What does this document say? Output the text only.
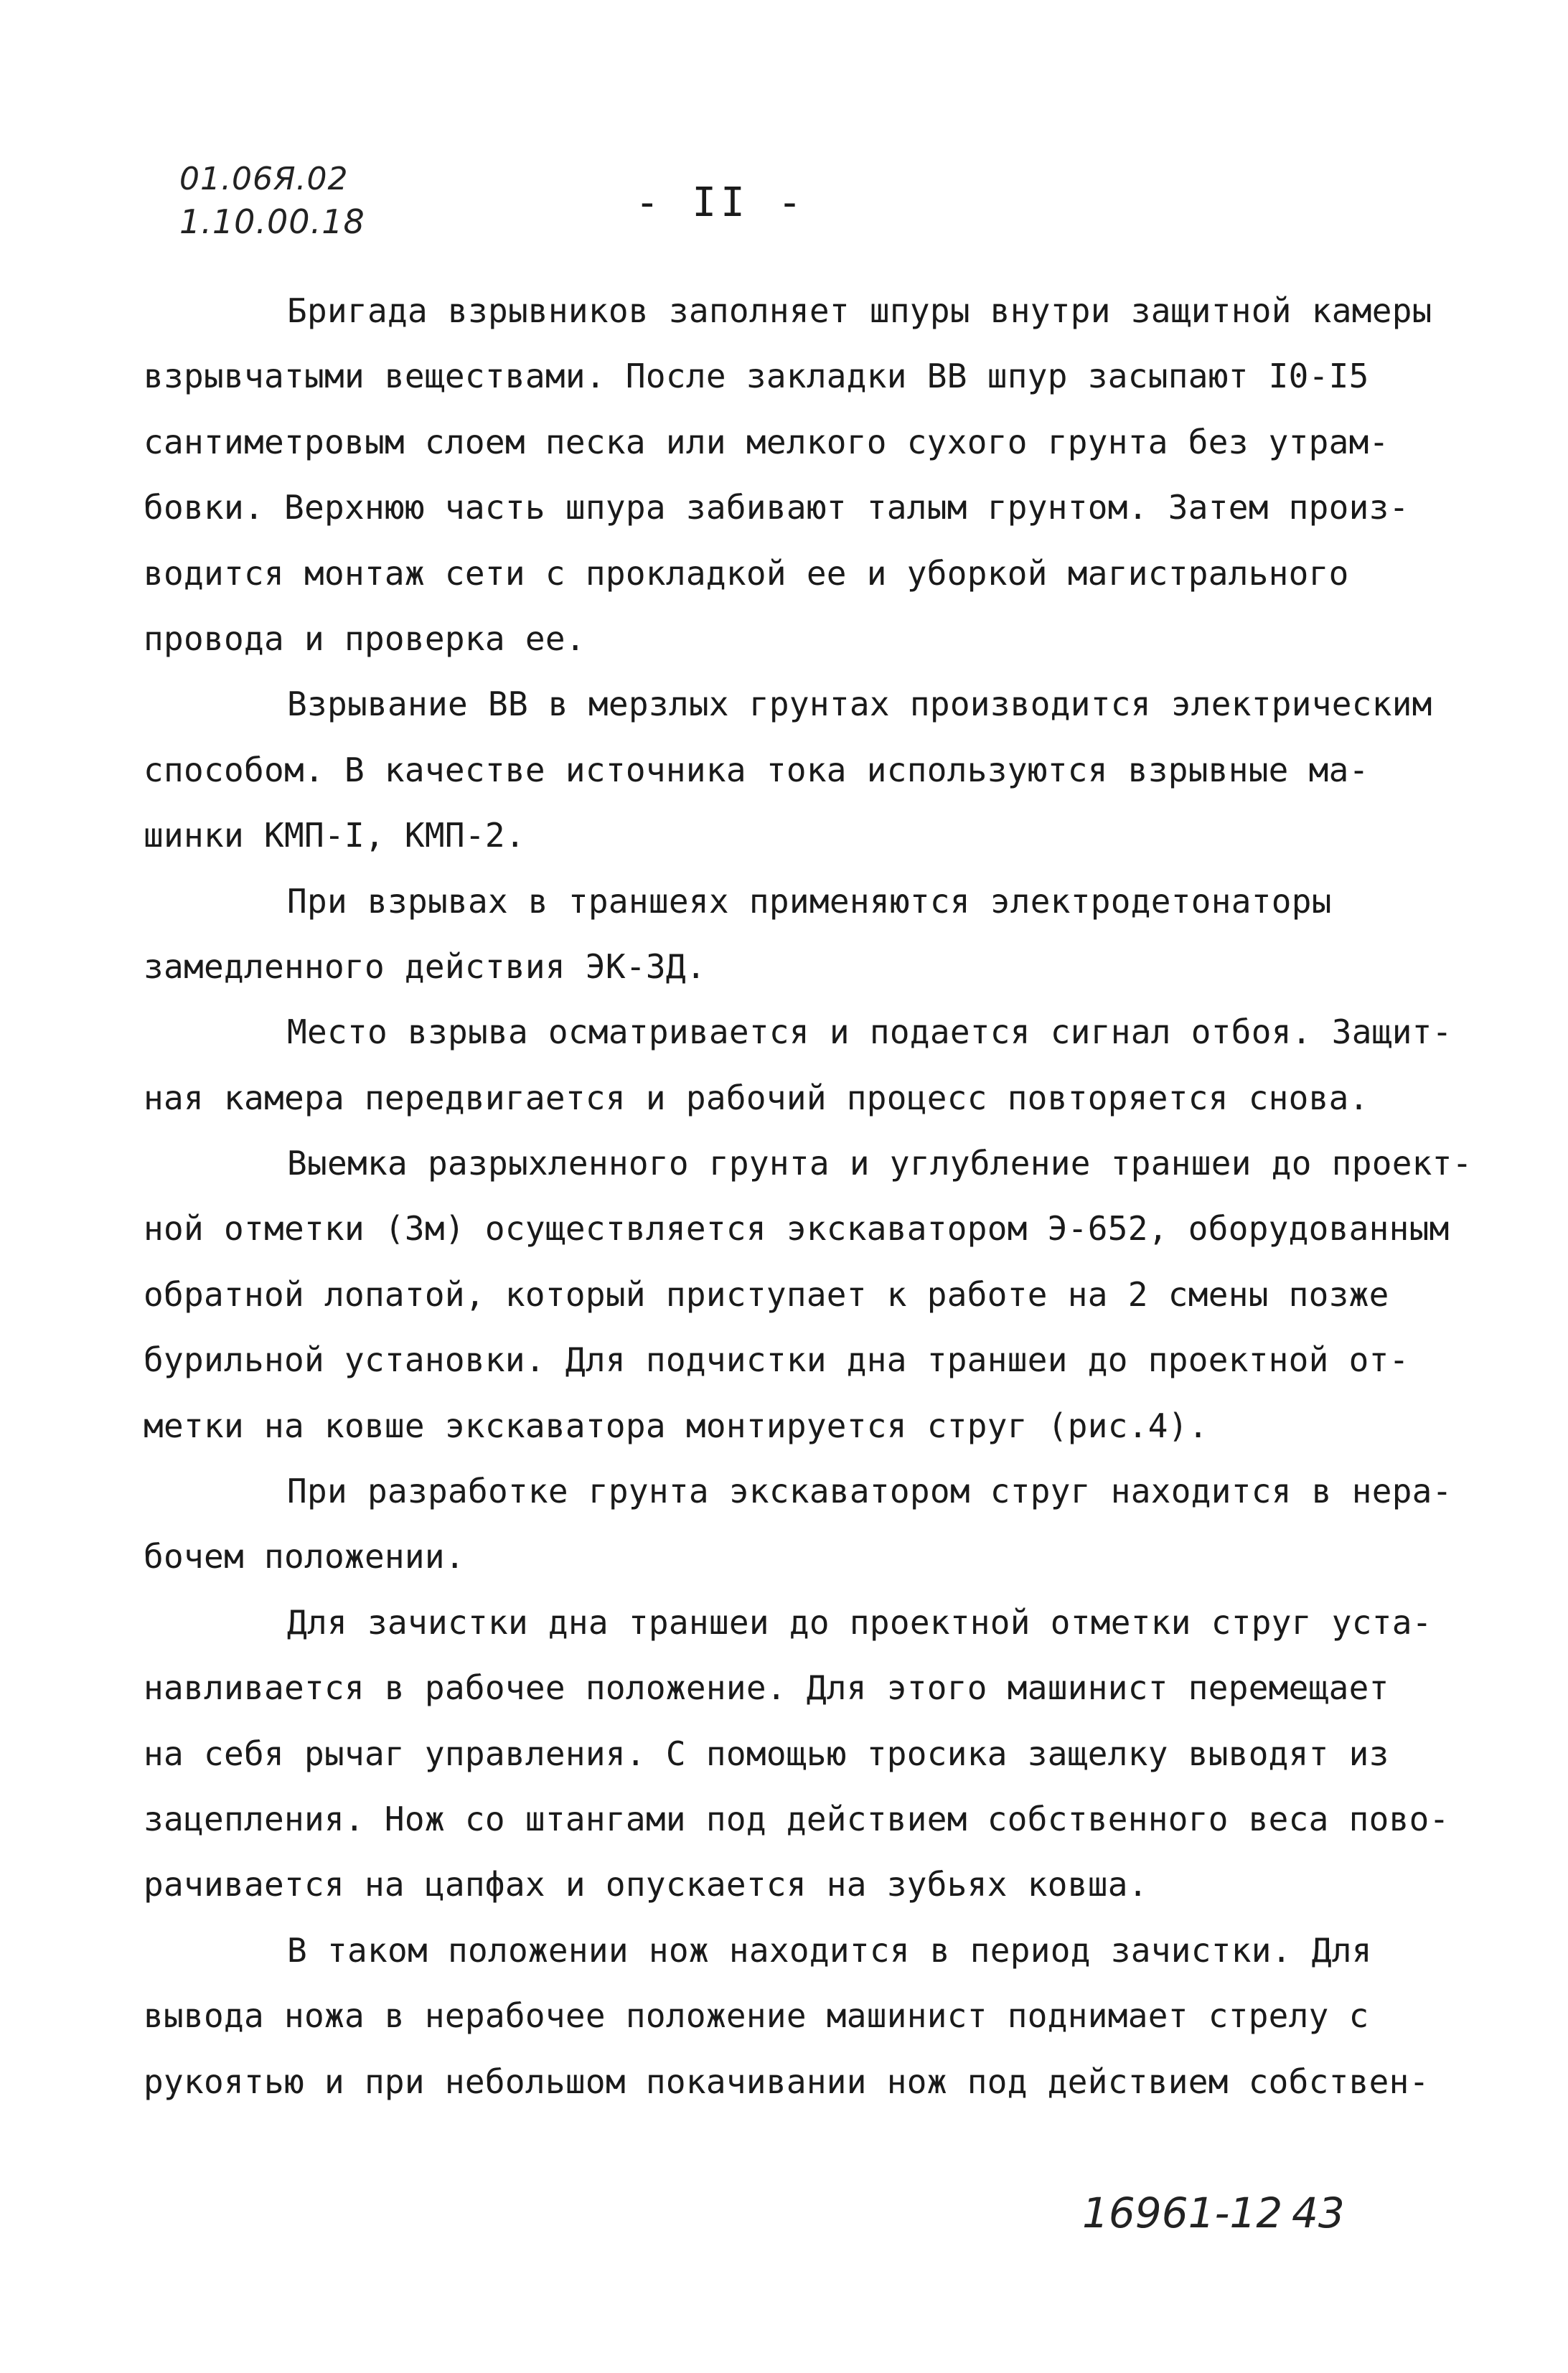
01.06Я.02
1.10.00.18	- II -
Бригада взрывников заполняет шпуры внутри защитной камеры
взрывчатыми веществами. После закладки ВВ шпур засыпают I0-I5
сантиметровым слоем песка или мелкого сухого грунта без утрам-
бовки. Верхнюю часть шпура забивают талым грунтом. Затем произ-
водится монтаж сети с прокладкой ее и уборкой магистрального
провода и проверка ее.
Взрывание ВВ в мерзлых грунтах производится электрическим
способом. В качестве источника тока используются взрывные ма-
шинки КМП-I, КМП-2.
При взрывах в траншеях применяются электродетонаторы
замедленного действия ЭК-ЗД.
Место взрыва осматривается и подается сигнал отбоя. Защит-
ная камера передвигается и рабочий процесс повторяется снова.
Выемка разрыхленного грунта и углубление траншеи до проект-
ной отметки (3м) осуществляется экскаватором Э-652, оборудованным
обратной лопатой, который приступает к работе на 2 смены позже
бурильной установки. Для подчистки дна траншеи до проектной от-
метки на ковше экскаватора монтируется струг (рис.4).
При разработке грунта экскаватором струг находится в нера-
бочем положении.
Для зачистки дна траншеи до проектной отметки струг уста-
навливается в рабочее положение. Для этого машинист перемещает
на себя рычаг управления. С помощью тросика защелку выводят из
зацепления. Нож со штангами под действием собственного веса пово-
рачивается на цапфах и опускается на зубьях ковша.
В таком положении нож находится в период зачистки. Для
вывода ножа в нерабочее положение машинист поднимает стрелу с
рукоятью и при небольшом покачивании нож под действием собствен-
16961-12 43
